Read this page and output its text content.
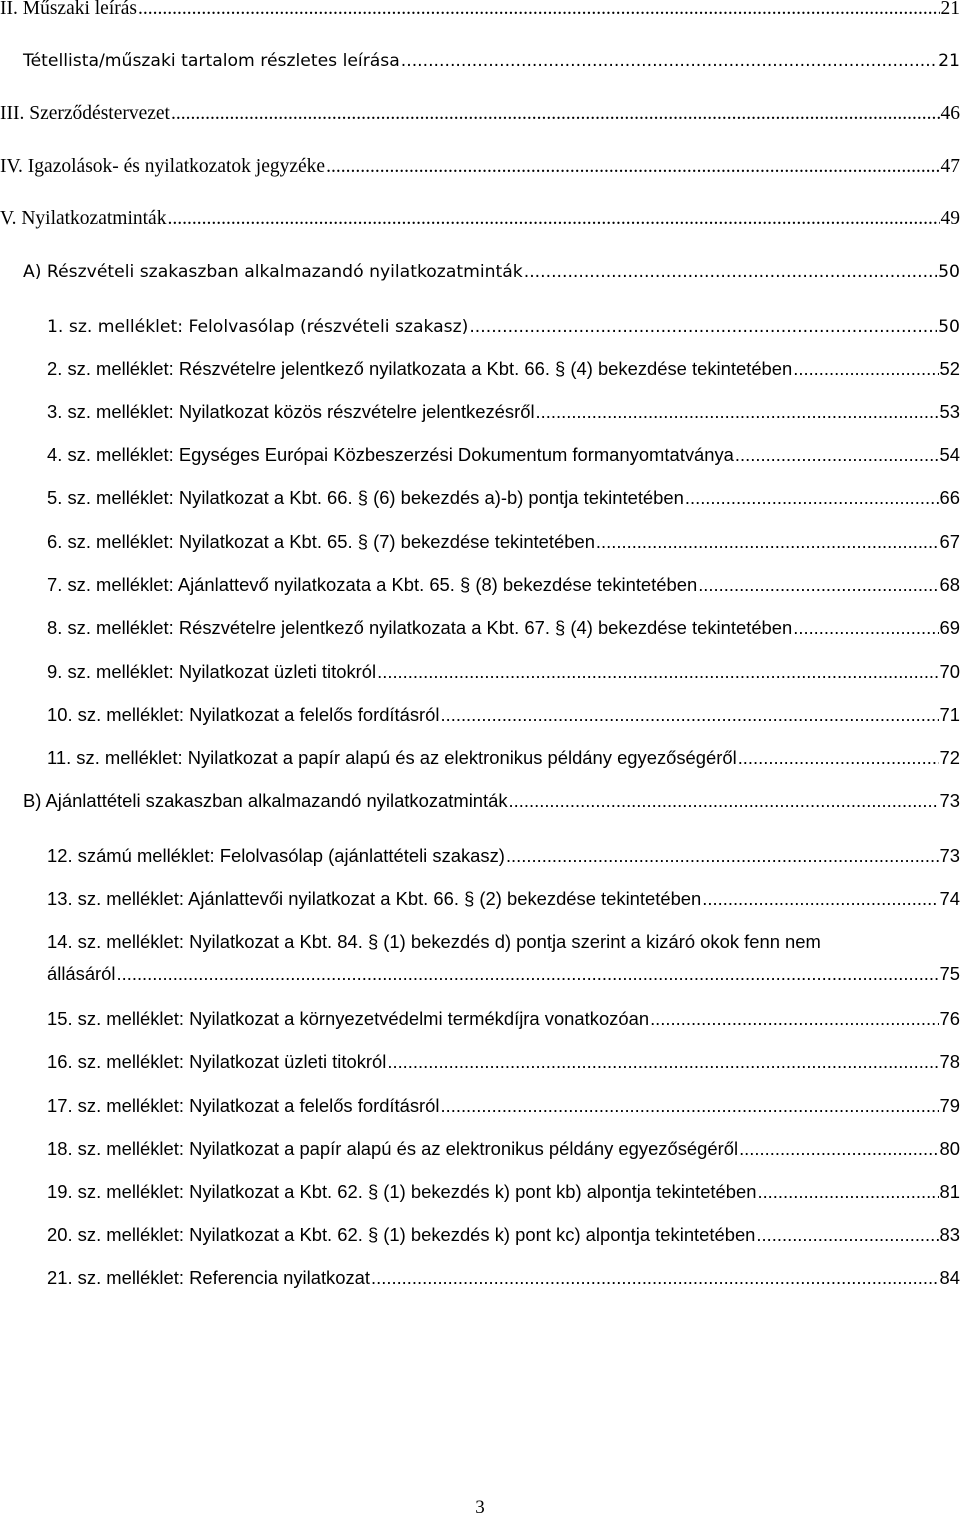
II. Műszaki leírás .....	21
Tétellista/műszaki tartalom részletes leírása .....	21
III. Szerződéstervezet .....	46
IV. Igazolások- és nyilatkozatok jegyzéke .....	47
V. Nyilatkozatminták .....	49
A) Részvételi szakaszban alkalmazandó nyilatkozatminták .....	50
1. sz. melléklet: Felolvasólap (részvételi szakasz) .....	50
2. sz. melléklet: Részvételre jelentkező nyilatkozata a Kbt. 66. § (4) bekezdése tekintetében .....	52
3. sz. melléklet: Nyilatkozat közös részvételre jelentkezésről .....	53
4. sz. melléklet: Egységes Európai Közbeszerzési Dokumentum formanyomtatványa .....	54
5. sz. melléklet: Nyilatkozat a Kbt. 66. § (6) bekezdés a)-b) pontja tekintetében .....	66
6. sz. melléklet: Nyilatkozat a Kbt. 65. § (7) bekezdése tekintetében .....	67
7. sz. melléklet: Ajánlattevő nyilatkozata a Kbt. 65. § (8) bekezdése tekintetében .....	68
8. sz. melléklet: Részvételre jelentkező nyilatkozata a Kbt. 67. § (4) bekezdése tekintetében .....	69
9. sz. melléklet: Nyilatkozat üzleti titokról .....	70
10. sz. melléklet: Nyilatkozat a felelős fordításról .....	71
11. sz. melléklet: Nyilatkozat a papír alapú és az elektronikus példány egyezőségéről .....	72
B) Ajánlattételi szakaszban alkalmazandó nyilatkozatminták .....	73
12. számú melléklet: Felolvasólap (ajánlattételi szakasz) .....	73
13. sz. melléklet: Ajánlattevői nyilatkozat a Kbt. 66. § (2) bekezdése tekintetében .....	74
14. sz. melléklet: Nyilatkozat a Kbt. 84. § (1) bekezdés d) pontja szerint a kizáró okok fenn nem
állásáról .....	75
15. sz. melléklet: Nyilatkozat a környezetvédelmi termékdíjra vonatkozóan .....	76
16. sz. melléklet: Nyilatkozat üzleti titokról .....	78
17. sz. melléklet: Nyilatkozat a felelős fordításról .....	79
18. sz. melléklet: Nyilatkozat a papír alapú és az elektronikus példány egyezőségéről .....	80
19. sz. melléklet: Nyilatkozat a Kbt. 62. § (1) bekezdés k) pont kb) alpontja tekintetében .....	81
20. sz. melléklet: Nyilatkozat a Kbt. 62. § (1) bekezdés k) pont kc) alpontja tekintetében .....	83
21. sz. melléklet: Referencia nyilatkozat .....	84
3
